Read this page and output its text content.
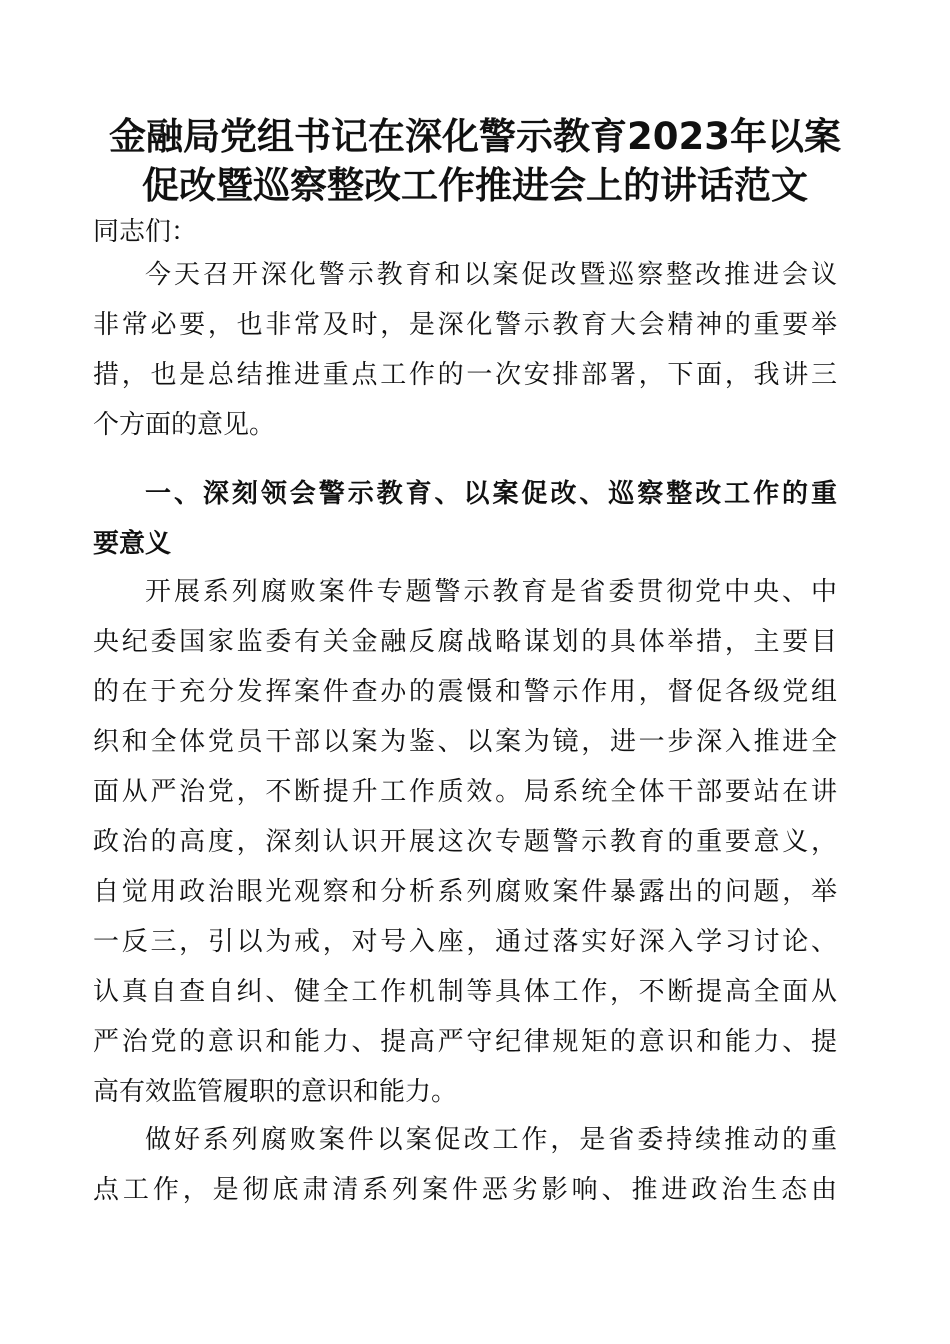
金融局党组书记在深化警示教育2023年以案
促改暨巡察整改工作推进会上的讲话范文

同志们：

今天召开深化警示教育和以案促改暨巡察整改推进会议
非常必要，也非常及时，是深化警示教育大会精神的重要举
措，也是总结推进重点工作的一次安排部署，下面，我讲三
个方面的意见。

一、深刻领会警示教育、以案促改、巡察整改工作的重
要意义

开展系列腐败案件专题警示教育是省委贯彻党中央、中
央纪委国家监委有关金融反腐战略谋划的具体举措，主要目
的在于充分发挥案件查办的震慑和警示作用，督促各级党组
织和全体党员干部以案为鉴、以案为镜，进一步深入推进全
面从严治党，不断提升工作质效。局系统全体干部要站在讲
政治的高度，深刻认识开展这次专题警示教育的重要意义，
自觉用政治眼光观察和分析系列腐败案件暴露出的问题，举
一反三，引以为戒，对号入座，通过落实好深入学习讨论、
认真自查自纠、健全工作机制等具体工作，不断提高全面从
严治党的意识和能力、提高严守纪律规矩的意识和能力、提
高有效监管履职的意识和能力。

做好系列腐败案件以案促改工作，是省委持续推动的重
点工作，是彻底肃清系列案件恶劣影响、推进政治生态由
